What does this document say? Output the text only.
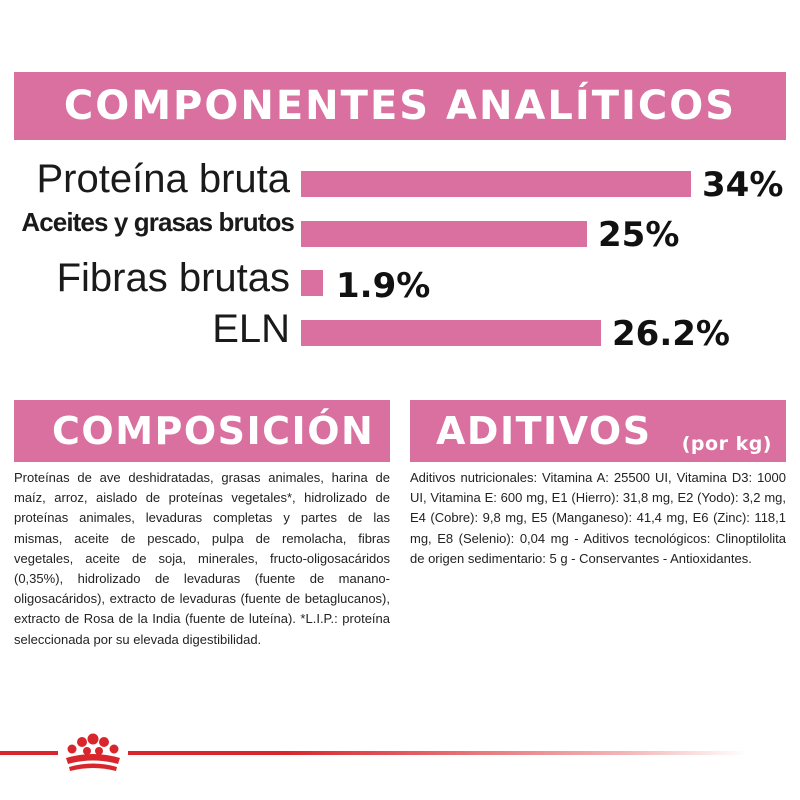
COMPONENTES ANALÍTICOS
Proteína bruta	34%
Aceites y grasas brutos	25%
Fibras brutas 1.9%
ELN	26.2%
COMPOSICIÓN
Proteínas de ave deshidratadas, grasas animales, harina de maíz, arroz, aislado de proteínas vegetales*, hidrolizado de proteínas animales, levaduras completas y partes de las mismas, aceite de pescado, pulpa de remolacha, fibras vegetales, aceite de soja, minerales, fructo-oligosacáridos (0,35%), hidrolizado de levaduras (fuente de manano-oligosacáridos), extracto de levaduras (fuente de betaglucanos), extracto de Rosa de la India (fuente de luteína). *L.I.P.: proteína seleccionada por su elevada digestibilidad.
ADITIVOS (por kg)
Aditivos nutricionales: Vitamina A: 25500 UI, Vitamina D3: 1000 UI, Vitamina E: 600 mg, E1 (Hierro): 31,8 mg, E2 (Yodo): 3,2 mg, E4 (Cobre): 9,8 mg, E5 (Manganeso): 41,4 mg, E6 (Zinc): 118,1 mg, E8 (Selenio): 0,04 mg - Aditivos tecnológicos: Clinoptilolita de origen sedimentario: 5 g - Conservantes - Antioxidantes.
